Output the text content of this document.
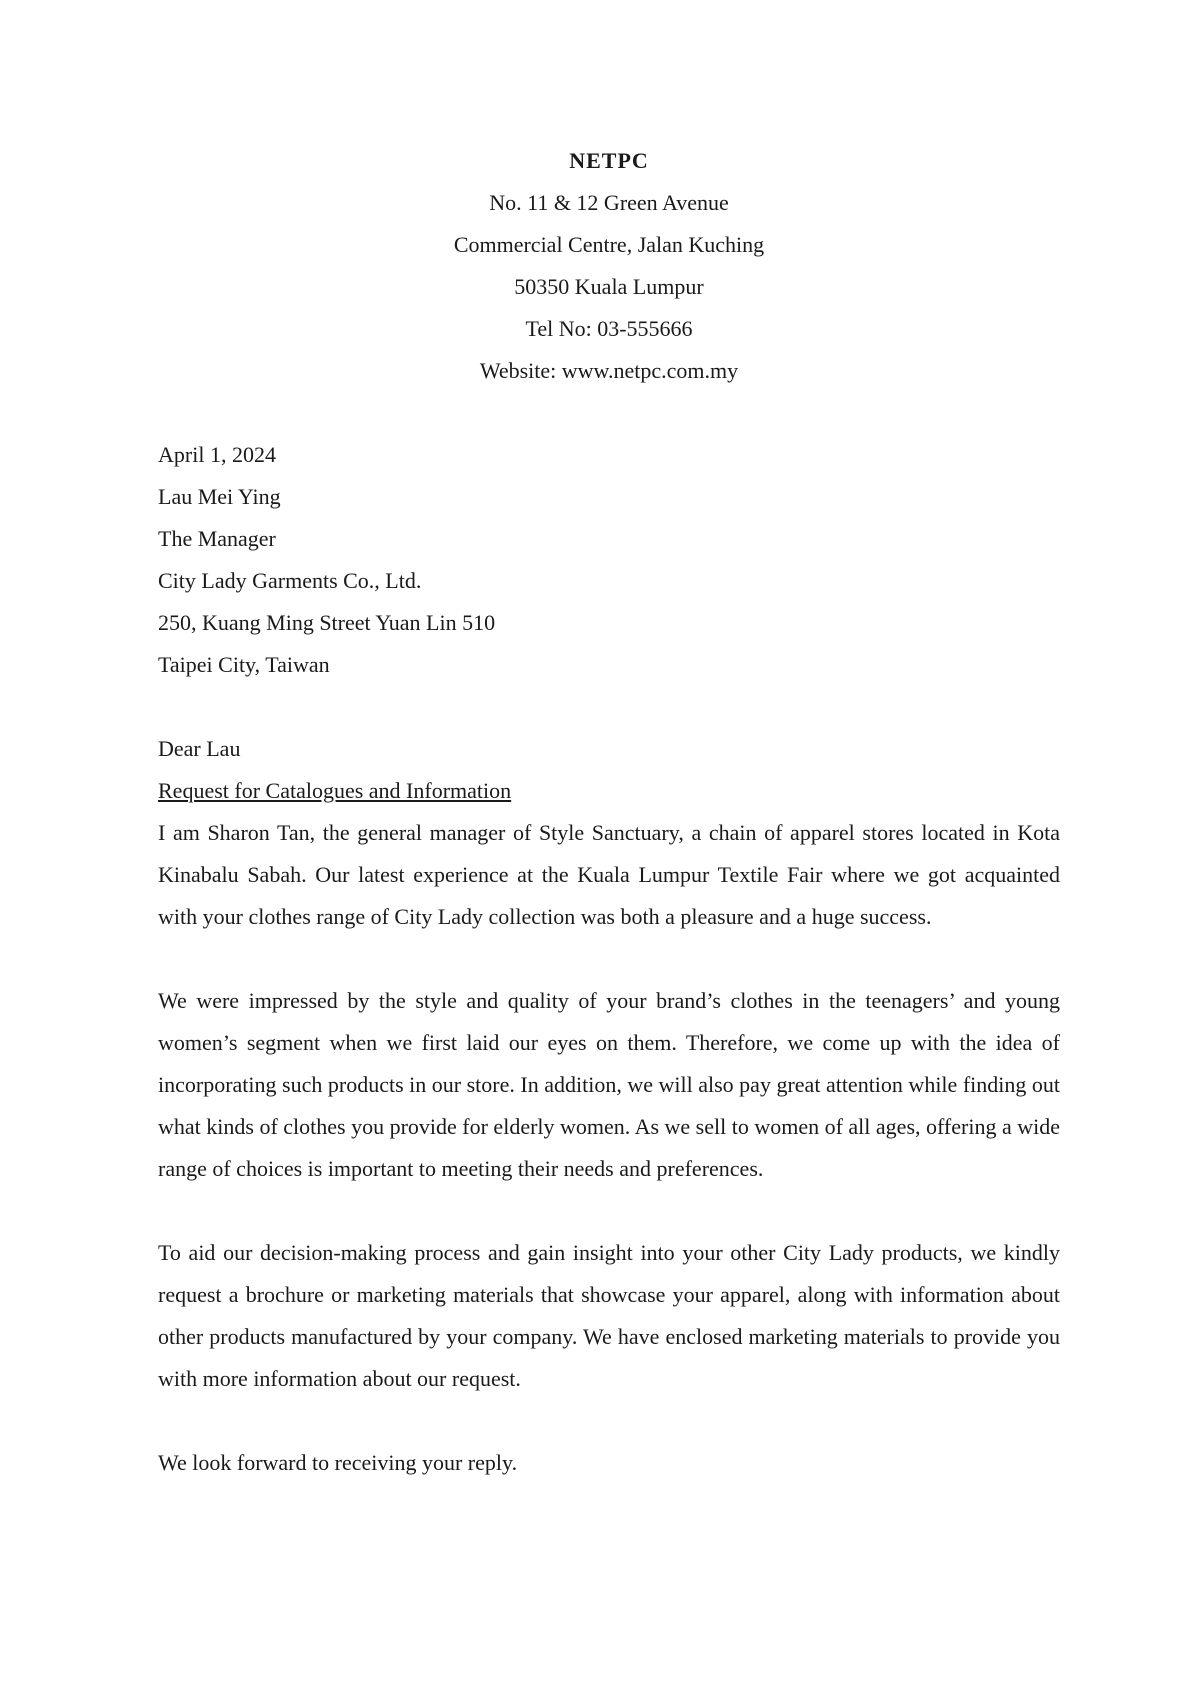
NETPC
No. 11 & 12 Green Avenue
Commercial Centre, Jalan Kuching
50350 Kuala Lumpur
Tel No: 03-555666
Website: www.netpc.com.my
April 1, 2024
Lau Mei Ying
The Manager
City Lady Garments Co., Ltd.
250, Kuang Ming Street Yuan Lin 510
Taipei City, Taiwan
Dear Lau
Request for Catalogues and Information

I am Sharon Tan, the general manager of Style Sanctuary, a chain of apparel stores located in Kota Kinabalu Sabah. Our latest experience at the Kuala Lumpur Textile Fair where we got acquainted with your clothes range of City Lady collection was both a pleasure and a huge success.

We were impressed by the style and quality of your brand’s clothes in the teenagers’ and young women’s segment when we first laid our eyes on them. Therefore, we come up with the idea of incorporating such products in our store. In addition, we will also pay great attention while finding out what kinds of clothes you provide for elderly women. As we sell to women of all ages, offering a wide range of choices is important to meeting their needs and preferences.

To aid our decision-making process and gain insight into your other City Lady products, we kindly request a brochure or marketing materials that showcase your apparel, along with information about other products manufactured by your company. We have enclosed marketing materials to provide you with more information about our request.

We look forward to receiving your reply.
